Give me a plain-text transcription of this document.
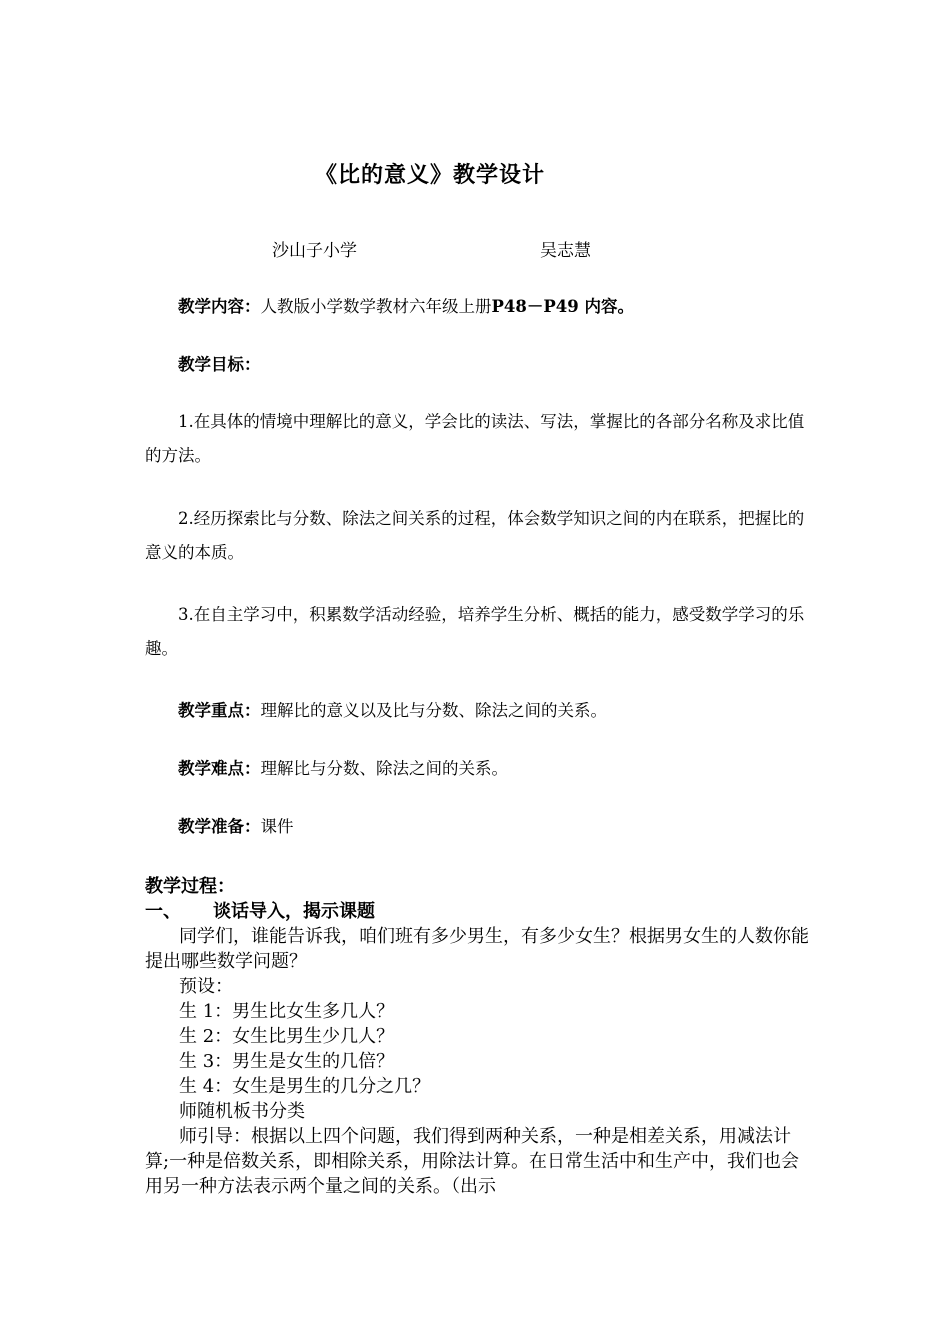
《比的意义》教学设计
沙山子小学	吴志慧
教学内容：人教版小学数学教材六年级上册P48－P49 内容。
教学目标：
1.在具体的情境中理解比的意义，学会比的读法、写法，掌握比的各部分名称及求比值的方法。
2.经历探索比与分数、除法之间关系的过程，体会数学知识之间的内在联系，把握比的意义的本质。
3.在自主学习中，积累数学活动经验，培养学生分析、概括的能力，感受数学学习的乐趣。
教学重点：理解比的意义以及比与分数、除法之间的关系。
教学难点：理解比与分数、除法之间的关系。
教学准备：课件
教学过程：
一、 谈话导入，揭示课题
同学们，谁能告诉我，咱们班有多少男生，有多少女生？根据男女生的人数你能提出哪些数学问题？
预设：
生 1：男生比女生多几人？
生 2：女生比男生少几人？
生 3：男生是女生的几倍？
生 4：女生是男生的几分之几？
师随机板书分类
师引导：根据以上四个问题，我们得到两种关系，一种是相差关系，用减法计算;一种是倍数关系，即相除关系，用除法计算。在日常生活中和生产中，我们也会用另一种方法表示两个量之间的关系。（出示
